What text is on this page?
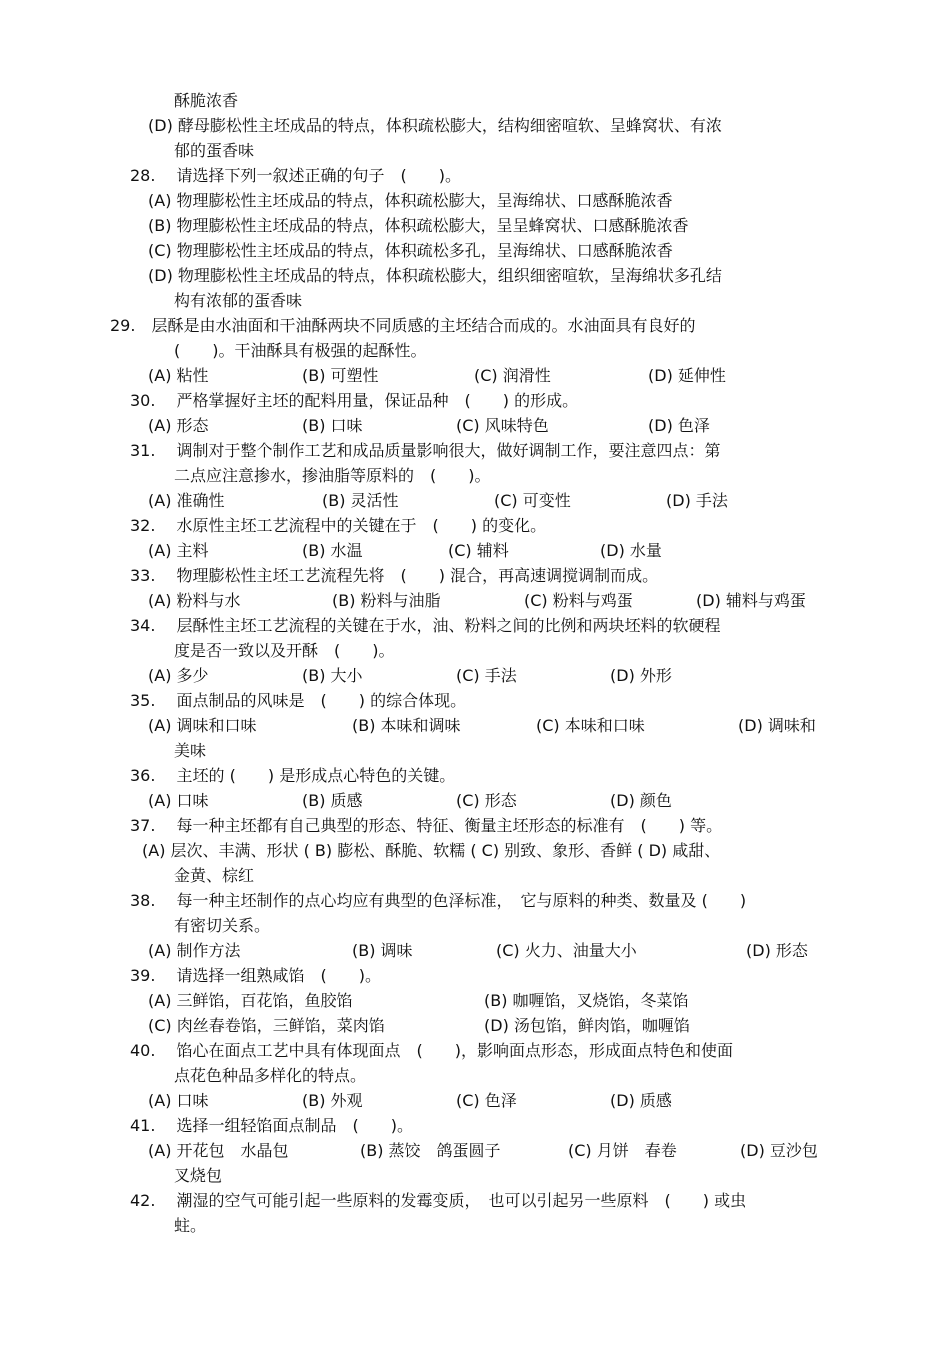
酥脆浓香
(D) 酵母膨松性主坯成品的特点，体积疏松膨大，结构细密喧软、呈蜂窝状、有浓
郁的蛋香味
28.　 请选择下列一叙述正确的句子　(　　)。
(A) 物理膨松性主坯成品的特点，体积疏松膨大，呈海绵状、口感酥脆浓香
(B) 物理膨松性主坯成品的特点，体积疏松膨大，呈呈蜂窝状、口感酥脆浓香
(C) 物理膨松性主坯成品的特点，体积疏松多孔，呈海绵状、口感酥脆浓香
(D) 物理膨松性主坯成品的特点，体积疏松膨大，组织细密喧软，呈海绵状多孔结
构有浓郁的蛋香味
29.　层酥是由水油面和干油酥两块不同质感的主坯结合而成的。水油面具有良好的
(　　)。干油酥具有极强的起酥性。
(A) 粘性	(B) 可塑性	(C) 润滑性	(D) 延伸性
30.　 严格掌握好主坯的配料用量，保证品种　(　　) 的形成。
(A) 形态	(B) 口味	(C) 风味特色	(D) 色泽
31.　 调制对于整个制作工艺和成品质量影响很大，做好调制工作，要注意四点：第
二点应注意掺水，掺油脂等原料的　(　　)。
(A) 准确性	(B) 灵活性	(C) 可变性	(D) 手法
32.　 水原性主坯工艺流程中的关键在于　(　　) 的变化。
(A) 主料	(B) 水温	(C) 辅料	(D) 水量
33.　 物理膨松性主坯工艺流程先将　(　　) 混合，再高速调搅调制而成。
(A) 粉料与水	(B) 粉料与油脂	(C) 粉料与鸡蛋	(D) 辅料与鸡蛋
34.　 层酥性主坯工艺流程的关键在于水，油、粉料之间的比例和两块坯料的软硬程
度是否一致以及开酥　(　　)。
(A) 多少	(B) 大小	(C) 手法	(D) 外形
35.　 面点制品的风味是　(　　) 的综合体现。
(A) 调味和口味	(B) 本味和调味	(C) 本味和口味	(D) 调味和
美味
36.　 主坯的 (　　) 是形成点心特色的关键。
(A) 口味	(B) 质感	(C) 形态	(D) 颜色
37.　 每一种主坯都有自己典型的形态、特征、衡量主坯形态的标准有　(　　) 等。
(A) 层次、丰满、形状 ( B) 膨松、酥脆、软糯 ( C) 别致、象形、香鲜 ( D) 咸甜、
金黄、棕红
38.　 每一种主坯制作的点心均应有典型的色泽标准，　它与原料的种类、数量及 (　　)
有密切关系。
(A) 制作方法	(B) 调味	(C) 火力、油量大小	(D) 形态
39.　 请选择一组熟咸馅　(　　)。
(A) 三鲜馅，百花馅，鱼胶馅	(B) 咖喱馅，叉烧馅，冬菜馅
(C) 肉丝春卷馅，三鲜馅，菜肉馅	(D) 汤包馅，鲜肉馅，咖喱馅
40.　 馅心在面点工艺中具有体现面点　(　　)，影响面点形态，形成面点特色和使面
点花色种品多样化的特点。
(A) 口味	(B) 外观	(C) 色泽	(D) 质感
41.　 选择一组轻馅面点制品　(　　)。
(A) 开花包　水晶包	(B) 蒸饺　鸽蛋圆子	(C) 月饼　春卷	(D) 豆沙包
叉烧包
42.　 潮湿的空气可能引起一些原料的发霉变质，　也可以引起另一些原料　(　　) 或虫
蛀。
